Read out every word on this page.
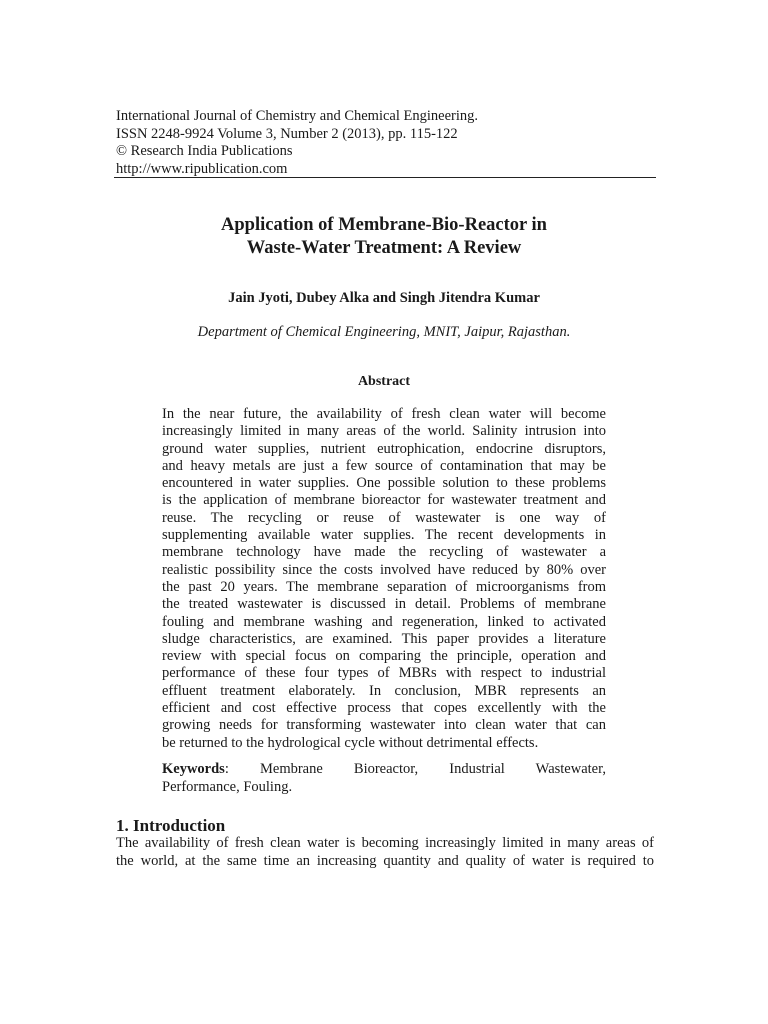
International Journal of Chemistry and Chemical Engineering.
ISSN 2248-9924 Volume 3, Number 2 (2013), pp. 115-122
© Research India Publications
http://www.ripublication.com
Application of Membrane-Bio-Reactor in
Waste-Water Treatment: A Review
Jain Jyoti, Dubey Alka and Singh Jitendra Kumar
Department of Chemical Engineering, MNIT, Jaipur, Rajasthan.
Abstract
In the near future, the availability of fresh clean water will become
increasingly limited in many areas of the world. Salinity intrusion into
ground water supplies, nutrient eutrophication, endocrine disruptors,
and heavy metals are just a few source of contamination that may be
encountered in water supplies. One possible solution to these problems
is the application of membrane bioreactor for wastewater treatment and
reuse. The recycling or reuse of wastewater is one way of
supplementing available water supplies. The recent developments in
membrane technology have made the recycling of wastewater a
realistic possibility since the costs involved have reduced by 80% over
the past 20 years. The membrane separation of microorganisms from
the treated wastewater is discussed in detail. Problems of membrane
fouling and membrane washing and regeneration, linked to activated
sludge characteristics, are examined. This paper provides a literature
review with special focus on comparing the principle, operation and
performance of these four types of MBRs with respect to industrial
effluent treatment elaborately. In conclusion, MBR represents an
efficient and cost effective process that copes excellently with the
growing needs for transforming wastewater into clean water that can
be returned to the hydrological cycle without detrimental effects.
Keywords: Membrane Bioreactor, Industrial Wastewater,
Performance, Fouling.
1. Introduction
The availability of fresh clean water is becoming increasingly limited in many areas of
the world, at the same time an increasing quantity and quality of water is required to
